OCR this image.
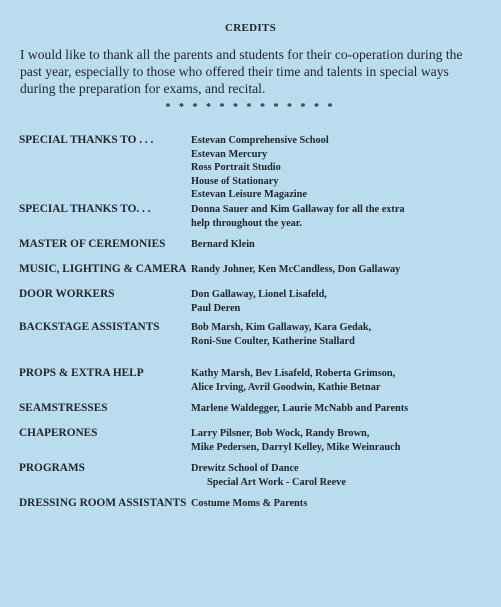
CREDITS
I would like to thank all the parents and students for their co-operation during the past year, especially to those who offered their time and talents in special ways during the preparation for exams, and recital.
* * * * * * * * * * * * *
SPECIAL THANKS TO . . .	Estevan Comprehensive School
Estevan Mercury
Ross Portrait Studio
House of Stationary
Estevan Leisure Magazine
SPECIAL THANKS TO. . .	Donna Sauer and Kim Gallaway for all the extra
help throughout the year.
MASTER OF CEREMONIES Bernard Klein
MUSIC, LIGHTING & CAMERA Randy Johner, Ken McCandless, Don Gallaway
DOOR WORKERS	Don Gallaway, Lionel Lisafeld,
Paul Deren
BACKSTAGE ASSISTANTS	Bob Marsh, Kim Gallaway, Kara Gedak,
Roni-Sue Coulter, Katherine Stallard
PROPS & EXTRA HELP	Kathy Marsh, Bev Lisafeld, Roberta Grimson,
Alice Irving, Avril Goodwin, Kathie Betnar
SEAMSTRESSES	Marlene Waldegger, Laurie McNabb and Parents
CHAPERONES	Larry Pilsner, Bob Wock, Randy Brown,
Mike Pedersen, Darryl Kelley, Mike Weinrauch
PROGRAMS	Drewitz School of Dance
Special Art Work - Carol Reeve
DRESSING ROOM ASSISTANTS Costume Moms & Parents
